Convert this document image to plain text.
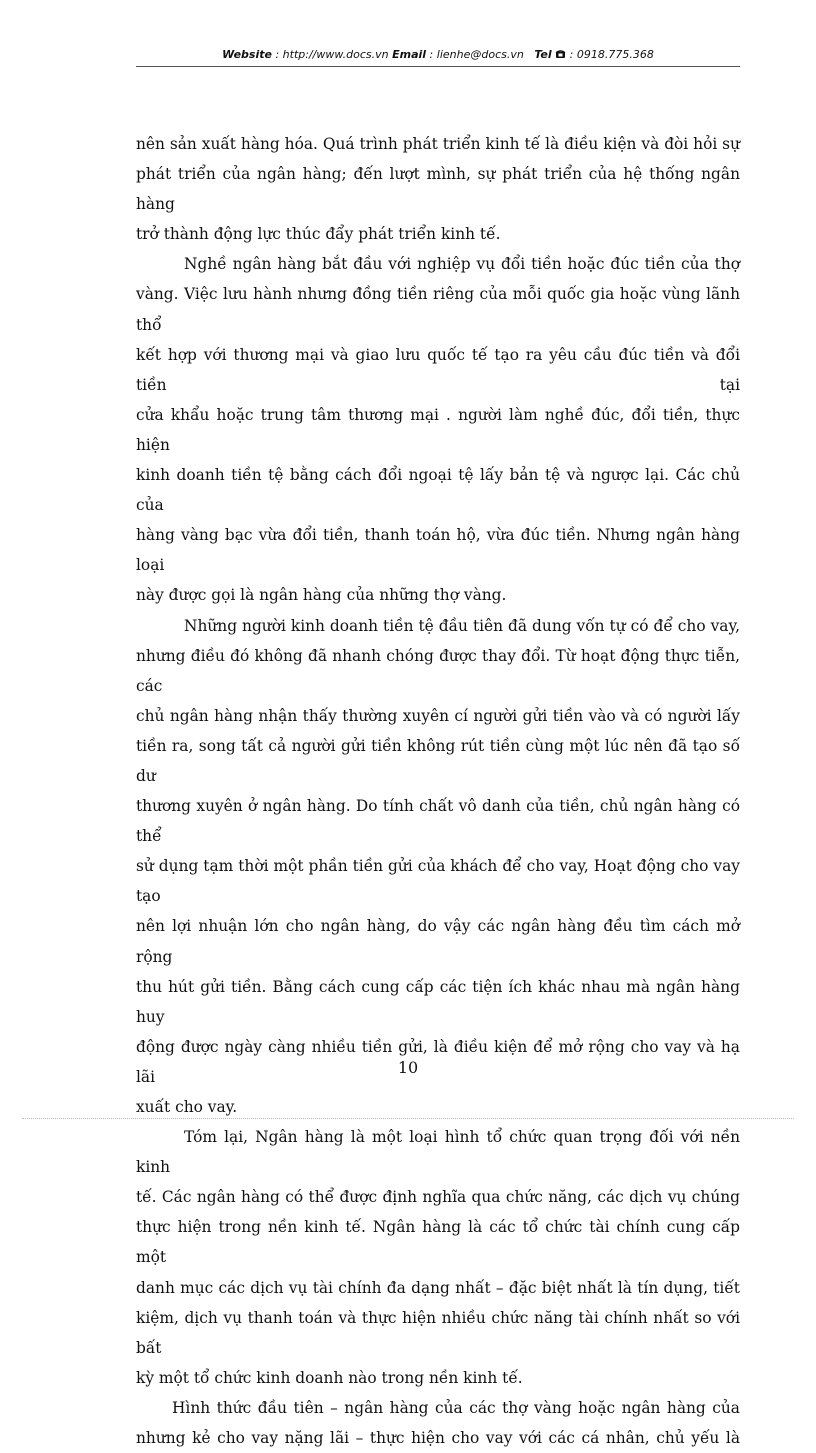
Website : http://www.docs.vn Email : lienhe@docs.vn Tel  : 0918.775.368

nên sản xuất hàng hóa. Quá trình phát triển kinh tế là điều kiện và đòi hỏi sự

phát triển của ngân hàng; đến lượt mình, sự phát triển của hệ thống ngân hàng

trở thành động lực thúc đẩy phát triển kinh tế.

Nghề ngân hàng bắt đầu với nghiệp vụ đổi tiền hoặc đúc tiền của thợ

vàng. Việc lưu hành nhưng đồng tiền riêng của mỗi quốc gia hoặc vùng lãnh thổ

kết hợp với thương mại và giao lưu quốc tế tạo ra yêu cầu đúc tiền và đổi tiền tại

cửa khẩu hoặc trung tâm thương mại . người làm nghề đúc, đổi tiền, thực hiện

kinh doanh tiền tệ bằng cách đổi ngoại tệ lấy bản tệ và ngược lại. Các chủ của

hàng vàng bạc vừa đổi tiền, thanh toán hộ, vừa đúc tiền. Nhưng ngân hàng loại

này được gọi là ngân hàng của những thợ vàng.

Những người kinh doanh tiền tệ đầu tiên đã dung vốn tự có để cho vay,

nhưng điều đó không đã nhanh chóng được thay đổi. Từ hoạt động thực tiễn, các

chủ ngân hàng nhận thấy thường xuyên cí người gửi tiền vào và có người lấy

tiền ra, song tất cả người gửi tiền không rút tiền cùng một lúc nên đã tạo số dư

thương xuyên ở ngân hàng. Do tính chất vô danh của tiền, chủ ngân hàng có thể

sử dụng tạm thời một phần tiền gửi của khách để cho vay, Hoạt động cho vay tạo

nên lợi nhuận lớn cho ngân hàng, do vậy các ngân hàng đều tìm cách mở rộng

thu hút gửi tiền. Bằng cách cung cấp các tiện ích khác nhau mà ngân hàng huy

động được ngày càng nhiều tiền gửi, là điều kiện để mở rộng cho vay và hạ lãi

xuất cho vay.

Tóm lại, Ngân hàng là một loại hình tổ chức quan trọng đối với nền kinh

tế. Các ngân hàng có thể được định nghĩa qua chức năng, các dịch vụ chúng

thực hiện trong nền kinh tế. Ngân hàng là các tổ chức tài chính cung cấp một

danh mục các dịch vụ tài chính đa dạng nhất – đặc biệt nhất là tín dụng, tiết

kiệm, dịch vụ thanh toán và thực hiện nhiều chức năng tài chính nhất so với bất

kỳ một tổ chức kinh doanh nào trong nền kinh tế.

Hình thức đầu tiên – ngân hàng của các thợ vàng hoặc ngân hàng của

nhưng kẻ cho vay nặng lãi – thực hiện cho vay với các cá nhân, chủ yếu là

10
